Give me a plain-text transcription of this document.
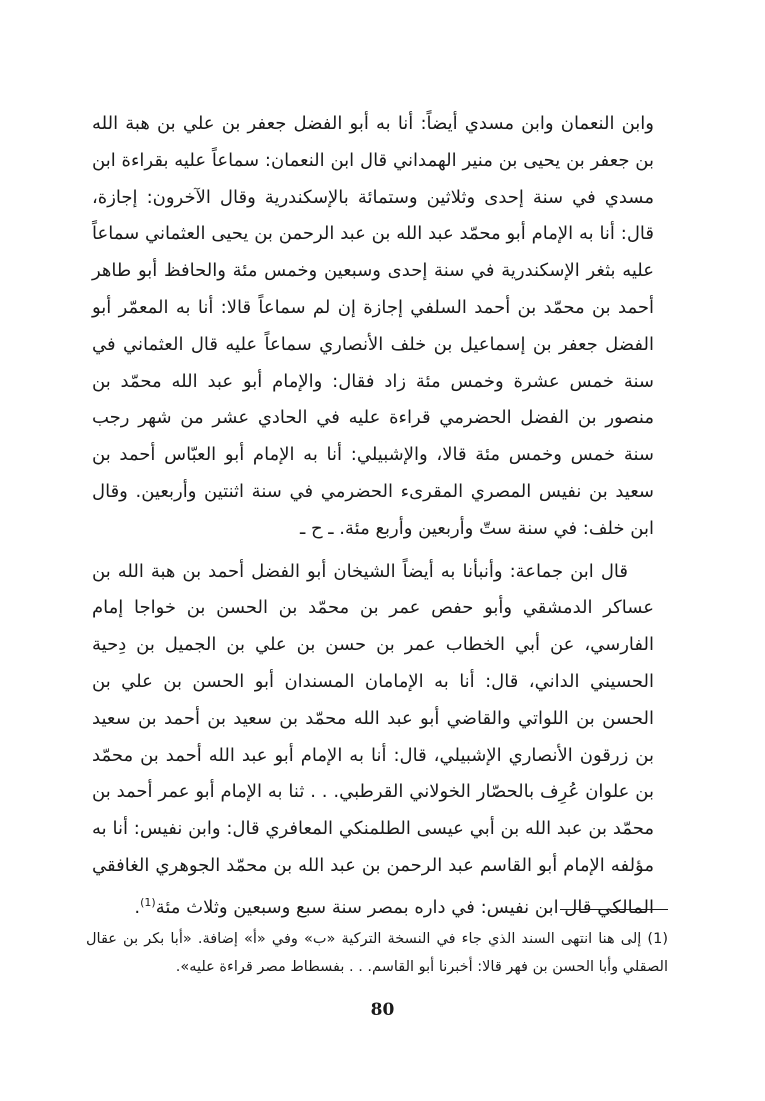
وابن النعمان وابن مسدي أيضاً: أنا به أبو الفضل جعفر بن علي بن هبة الله بن جعفر بن يحيى بن منير الهمداني قال ابن النعمان: سماعاً عليه بقراءة ابن مسدي في سنة إحدى وثلاثين وستمائة بالإسكندرية وقال الآخرون: إجازة، قال: أنا به الإمام أبو محمّد عبد الله بن عبد الرحمن بن يحيى العثماني سماعاً عليه بثغر الإسكندرية في سنة إحدى وسبعين وخمس مئة والحافظ أبو طاهر أحمد بن محمّد بن أحمد السلفي إجازة إن لم سماعاً قالا: أنا به المعمّر أبو الفضل جعفر بن إسماعيل بن خلف الأنصاري سماعاً عليه قال العثماني في سنة خمس عشرة وخمس مئة زاد فقال: والإمام أبو عبد الله محمّد بن منصور بن الفضل الحضرمي قراءة عليه في الحادي عشر من شهر رجب سنة خمس وخمس مئة قالا، والإشبيلي: أنا به الإمام أبو العبّاس أحمد بن سعيد بن نفيس المصري المقرىء الحضرمي في سنة اثنتين وأربعين. وقال ابن خلف: في سنة ستّ وأربعين وأربع مئة. ـ ح ـ

قال ابن جماعة: وأنبأنا به أيضاً الشيخان أبو الفضل أحمد بن هبة الله بن عساكر الدمشقي وأبو حفص عمر بن محمّد بن الحسن بن خواجا إمام الفارسي، عن أبي الخطاب عمر بن حسن بن علي بن الجميل بن دِحية الحسيني الداني، قال: أنا به الإمامان المسندان أبو الحسن بن علي بن الحسن بن اللواتي والقاضي أبو عبد الله محمّد بن سعيد بن أحمد بن سعيد بن زرقون الأنصاري الإشبيلي، قال: أنا به الإمام أبو عبد الله أحمد بن محمّد بن علوان عُرِف بالحصّار الخولاني القرطبي. . . ثنا به الإمام أبو عمر أحمد بن محمّد بن عبد الله بن أبي عيسى الطلمنكي المعافري قال: وابن نفيس: أنا به مؤلفه الإمام أبو القاسم عبد الرحمن بن عبد الله بن محمّد الجوهري الغافقي المالكي قال ابن نفيس: في داره بمصر سنة سبع وسبعين وثلاث مئة$^{(1)}$.

(1) إلى هنا انتهى السند الذي جاء في النسخة التركية «ب» وفي «أ» إضافة. «أبا بكر بن عقال الصقلي وأبا الحسن بن فهر قالا: أخبرنا أبو القاسم. . . بفسطاط مصر قراءة عليه».
80
